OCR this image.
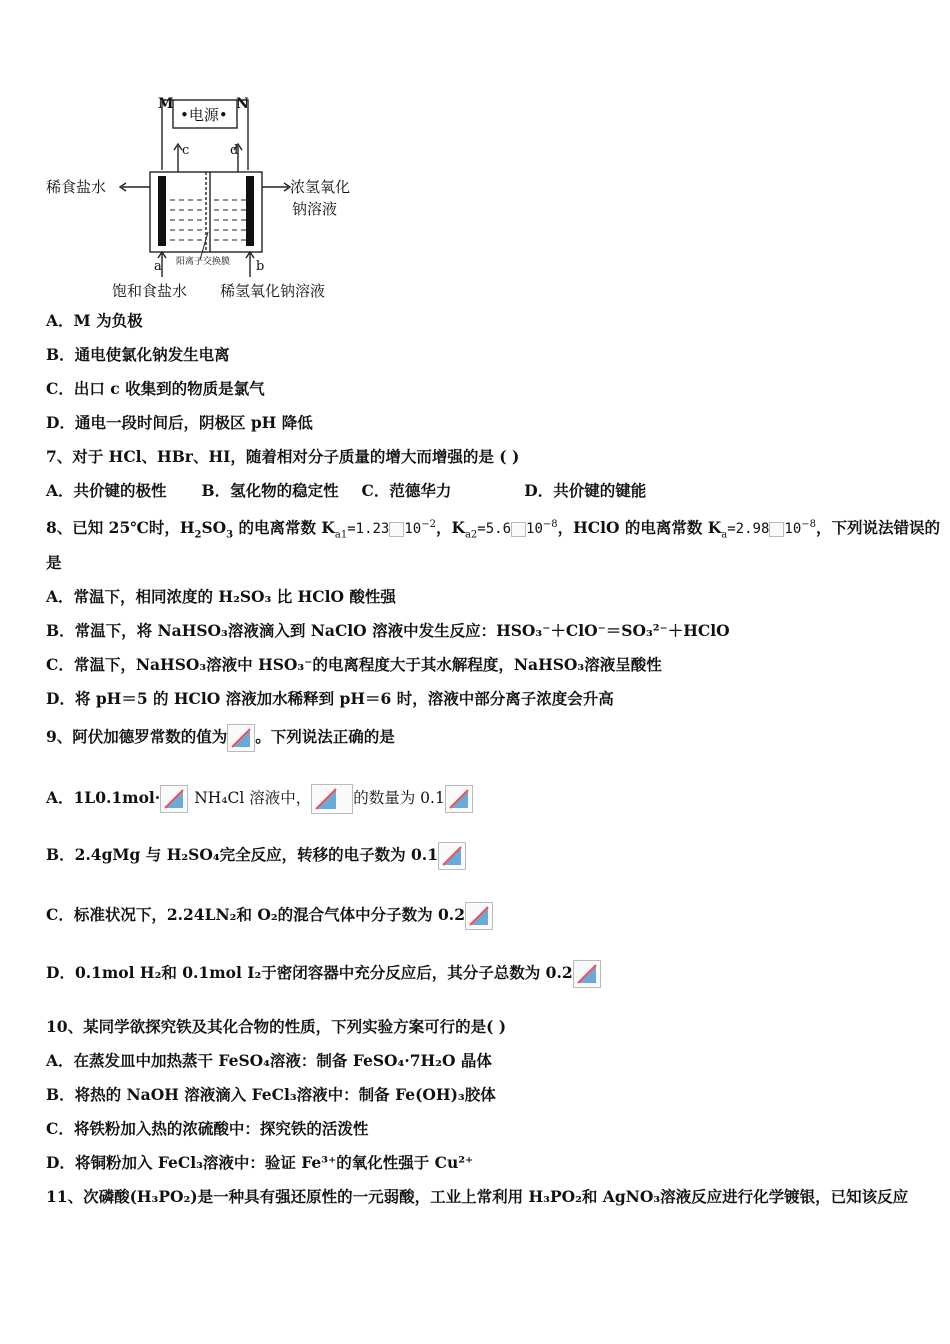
M	N
•电源•
c	d
稀食盐水	浓氢氧化
钠溶液
阳离子交换膜
a	b
饱和食盐水 稀氢氧化钠溶液
A．M 为负极
B．通电使氯化钠发生电离
C．出口 c 收集到的物质是氯气
D．通电一段时间后，阴极区 pH 降低
7、对于 HCl、HBr、HI，随着相对分子质量的增大而增强的是 ( )
A．共价键的极性 B．氢化物的稳定性 C．范德华力	D．共价键的键能
8、已知 25℃时，$H_2SO_3$ 的电离常数 $K_{a1}=1.23$ $10^{-2}$，$K_{a2}=5.6$ $10^{-8}$，HClO 的电离常数 $K_a=2.98$ $10^{-8}$，下列说法错误的
是
A．常温下，相同浓度的 H₂SO₃ 比 HClO 酸性强
B．常温下，将 NaHSO₃溶液滴入到 NaClO 溶液中发生反应：HSO₃⁻＋ClO⁻＝SO₃²⁻＋HClO
C．常温下，NaHSO₃溶液中 HSO₃⁻的电离程度大于其水解程度，NaHSO₃溶液呈酸性
D．将 pH＝5 的 HClO 溶液加水稀释到 pH＝6 时，溶液中部分离子浓度会升高
9、阿伏加德罗常数的值为 。下列说法正确的是
A．1L0.1mol· NH₄Cl 溶液中，	的数量为 0.1
B．2.4gMg 与 H₂SO₄完全反应，转移的电子数为 0.1
C．标准状况下，2.24LN₂和 O₂的混合气体中分子数为 0.2
D．0.1mol H₂和 0.1mol I₂于密闭容器中充分反应后，其分子总数为 0.2
10、某同学欲探究铁及其化合物的性质，下列实验方案可行的是( )
A．在蒸发皿中加热蒸干 FeSO₄溶液：制备 FeSO₄·7H₂O 晶体
B．将热的 NaOH 溶液滴入 FeCl₃溶液中：制备 Fe(OH)₃胶体
C．将铁粉加入热的浓硫酸中：探究铁的活泼性
D．将铜粉加入 FeCl₃溶液中：验证 Fe³⁺的氧化性强于 Cu²⁺
11、次磷酸(H₃PO₂)是一种具有强还原性的一元弱酸，工业上常利用 H₃PO₂和 AgNO₃溶液反应进行化学镀银，已知该反应
